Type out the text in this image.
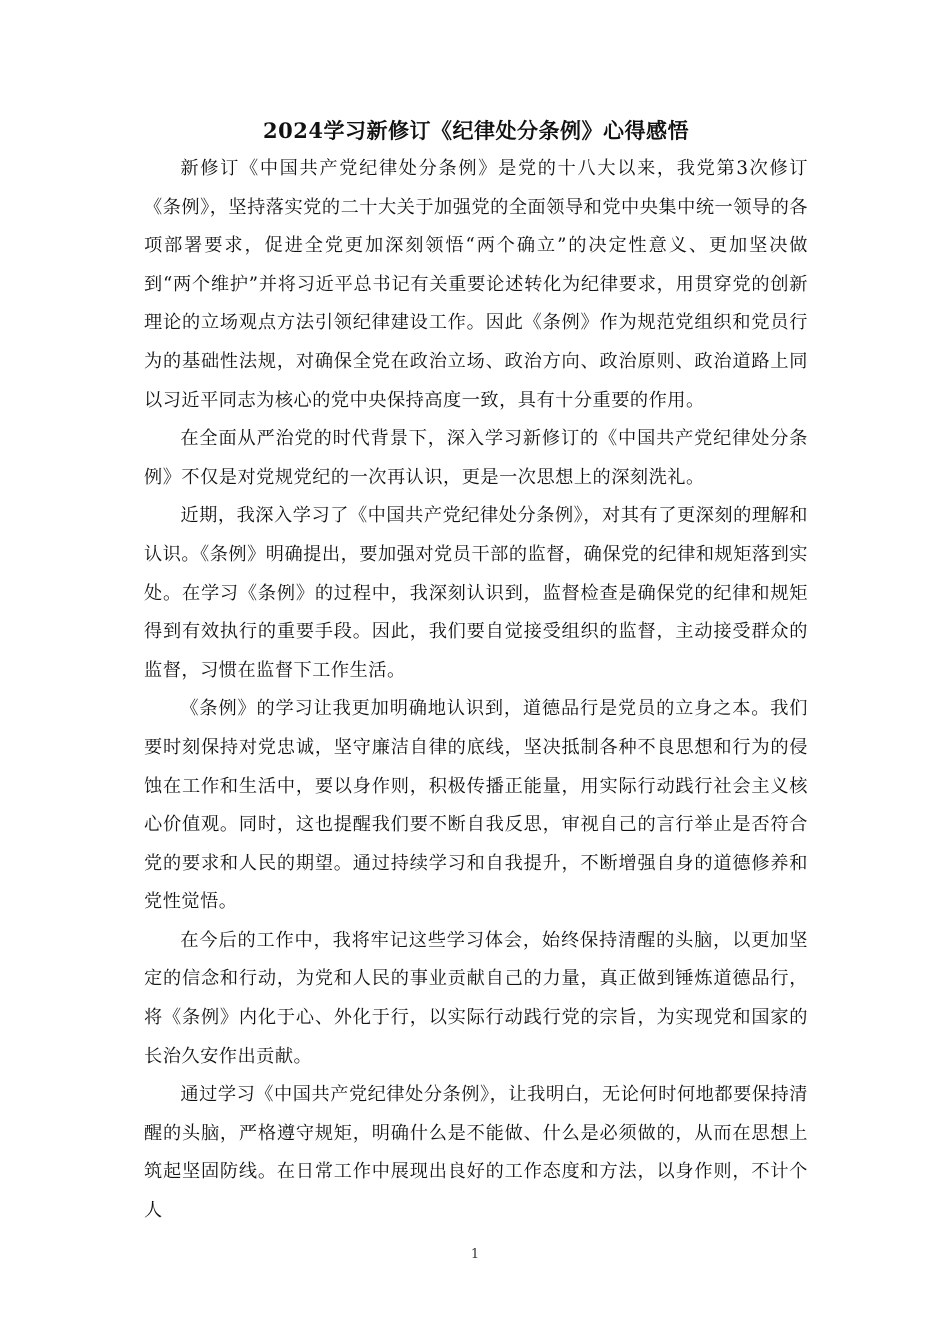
2024学习新修订《纪律处分条例》心得感悟

新修订《中国共产党纪律处分条例》是党的十八大以来，我党第3次修订《条例》，坚持落实党的二十大关于加强党的全面领导和党中央集中统一领导的各项部署要求，促进全党更加深刻领悟“两个确立”的决定性意义、更加坚决做到“两个维护”并将习近平总书记有关重要论述转化为纪律要求，用贯穿党的创新理论的立场观点方法引领纪律建设工作。因此《条例》作为规范党组织和党员行为的基础性法规，对确保全党在政治立场、政治方向、政治原则、政治道路上同以习近平同志为核心的党中央保持高度一致，具有十分重要的作用。

在全面从严治党的时代背景下，深入学习新修订的《中国共产党纪律处分条例》不仅是对党规党纪的一次再认识，更是一次思想上的深刻洗礼。

近期，我深入学习了《中国共产党纪律处分条例》，对其有了更深刻的理解和认识。《条例》明确提出，要加强对党员干部的监督，确保党的纪律和规矩落到实处。在学习《条例》的过程中，我深刻认识到，监督检查是确保党的纪律和规矩得到有效执行的重要手段。因此，我们要自觉接受组织的监督，主动接受群众的监督，习惯在监督下工作生活。

《条例》的学习让我更加明确地认识到，道德品行是党员的立身之本。我们要时刻保持对党忠诚，坚守廉洁自律的底线，坚决抵制各种不良思想和行为的侵蚀在工作和生活中，要以身作则，积极传播正能量，用实际行动践行社会主义核心价值观。同时，这也提醒我们要不断自我反思，审视自己的言行举止是否符合党的要求和人民的期望。通过持续学习和自我提升，不断增强自身的道德修养和党性觉悟。

在今后的工作中，我将牢记这些学习体会，始终保持清醒的头脑，以更加坚定的信念和行动，为党和人民的事业贡献自己的力量，真正做到锤炼道德品行，将《条例》内化于心、外化于行，以实际行动践行党的宗旨，为实现党和国家的长治久安作出贡献。

通过学习《中国共产党纪律处分条例》，让我明白，无论何时何地都要保持清醒的头脑，严格遵守规矩，明确什么是不能做、什么是必须做的，从而在思想上筑起坚固防线。在日常工作中展现出良好的工作态度和方法，以身作则，不计个人

1
